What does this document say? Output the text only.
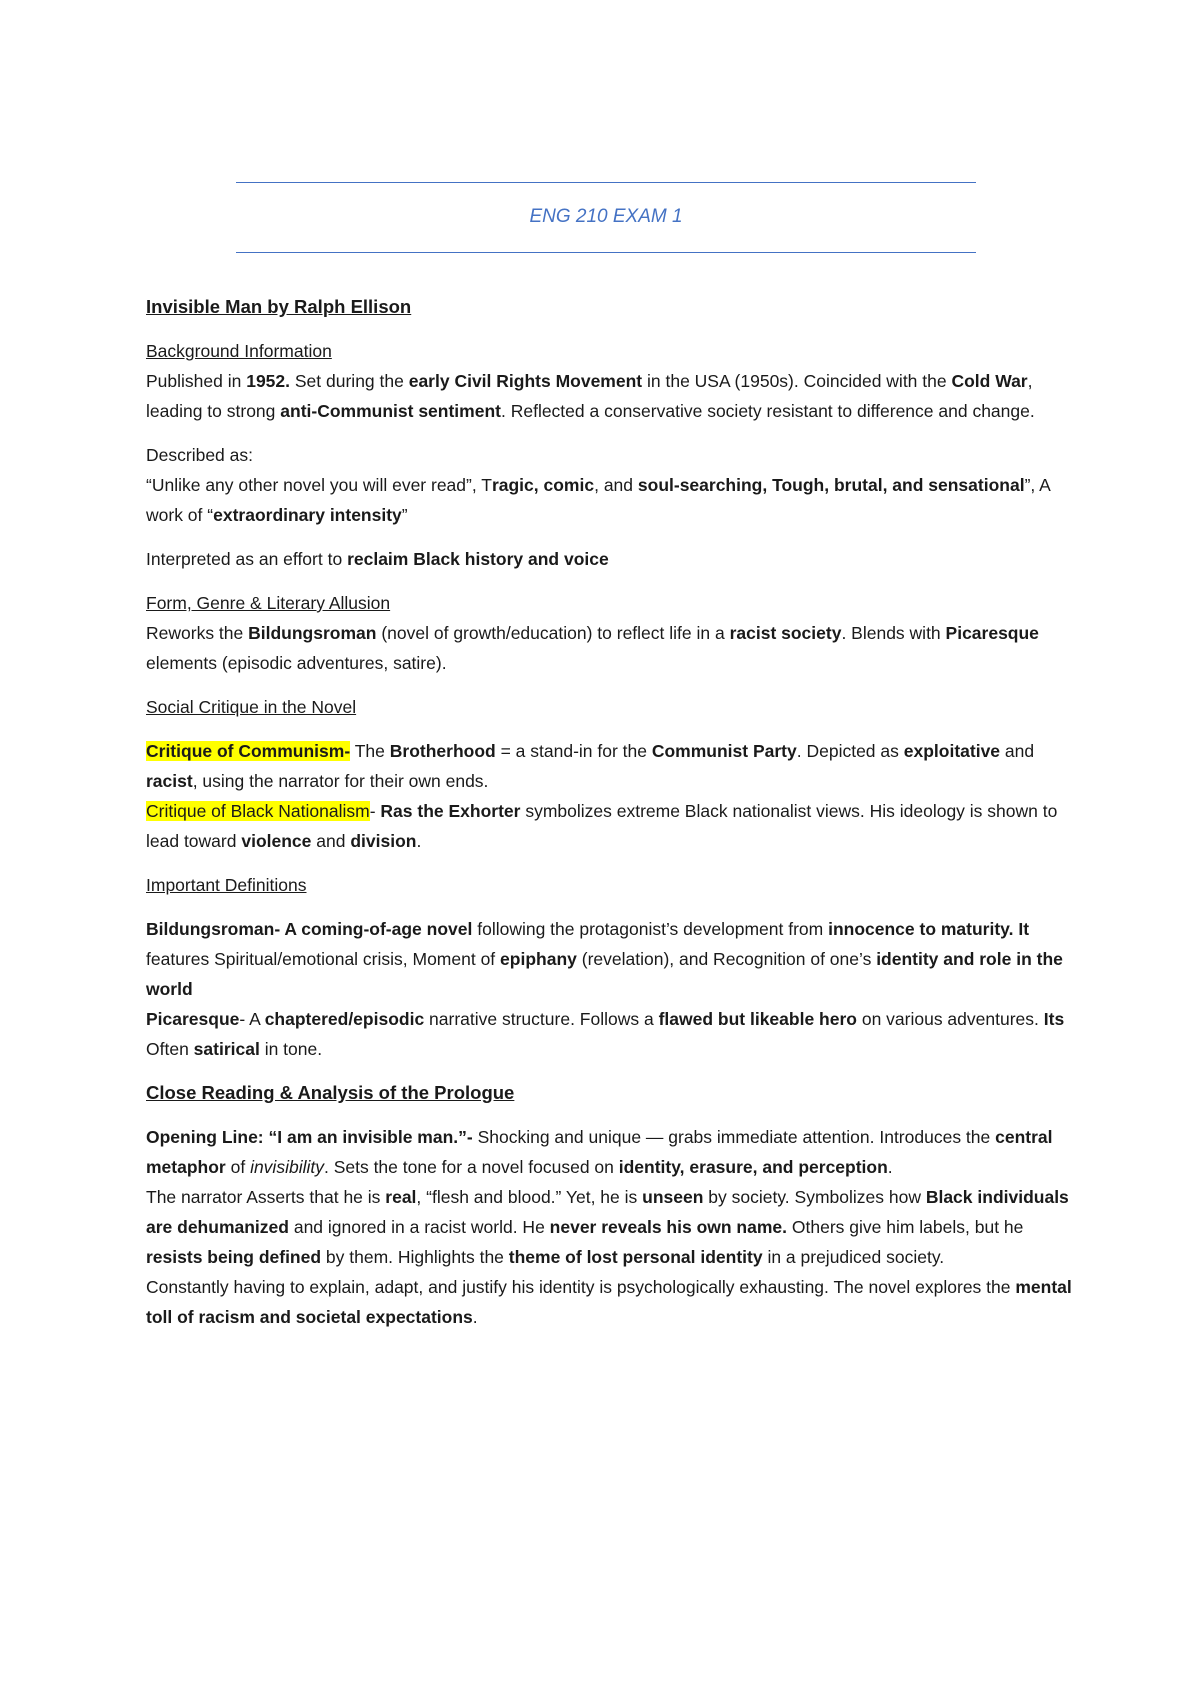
ENG 210 EXAM 1

Invisible Man by Ralph Ellison

Background Information

Published in 1952. Set during the early Civil Rights Movement in the USA (1950s). Coincided with the Cold War, leading to strong anti-Communist sentiment. Reflected a conservative society resistant to difference and change.

Described as:

“Unlike any other novel you will ever read”, Tragic, comic, and soul-searching, Tough, brutal, and sensational”, A work of “extraordinary intensity”

Interpreted as an effort to reclaim Black history and voice

Form, Genre & Literary Allusion

Reworks the Bildungsroman (novel of growth/education) to reflect life in a racist society. Blends with Picaresque elements (episodic adventures, satire).

Social Critique in the Novel

Critique of Communism- The Brotherhood = a stand-in for the Communist Party. Depicted as exploitative and racist, using the narrator for their own ends.

Critique of Black Nationalism- Ras the Exhorter symbolizes extreme Black nationalist views. His ideology is shown to lead toward violence and division.

Important Definitions

Bildungsroman- A coming-of-age novel following the protagonist’s development from innocence to maturity. It features Spiritual/emotional crisis, Moment of epiphany (revelation), and Recognition of one’s identity and role in the world

Picaresque- A chaptered/episodic narrative structure. Follows a flawed but likeable hero on various adventures. Its Often satirical in tone.

Close Reading & Analysis of the Prologue

Opening Line: “I am an invisible man.”- Shocking and unique — grabs immediate attention. Introduces the central metaphor of invisibility. Sets the tone for a novel focused on identity, erasure, and perception.

The narrator Asserts that he is real, “flesh and blood.” Yet, he is unseen by society. Symbolizes how Black individuals are dehumanized and ignored in a racist world. He never reveals his own name. Others give him labels, but he resists being defined by them. Highlights the theme of lost personal identity in a prejudiced society.

Constantly having to explain, adapt, and justify his identity is psychologically exhausting. The novel explores the mental toll of racism and societal expectations.
